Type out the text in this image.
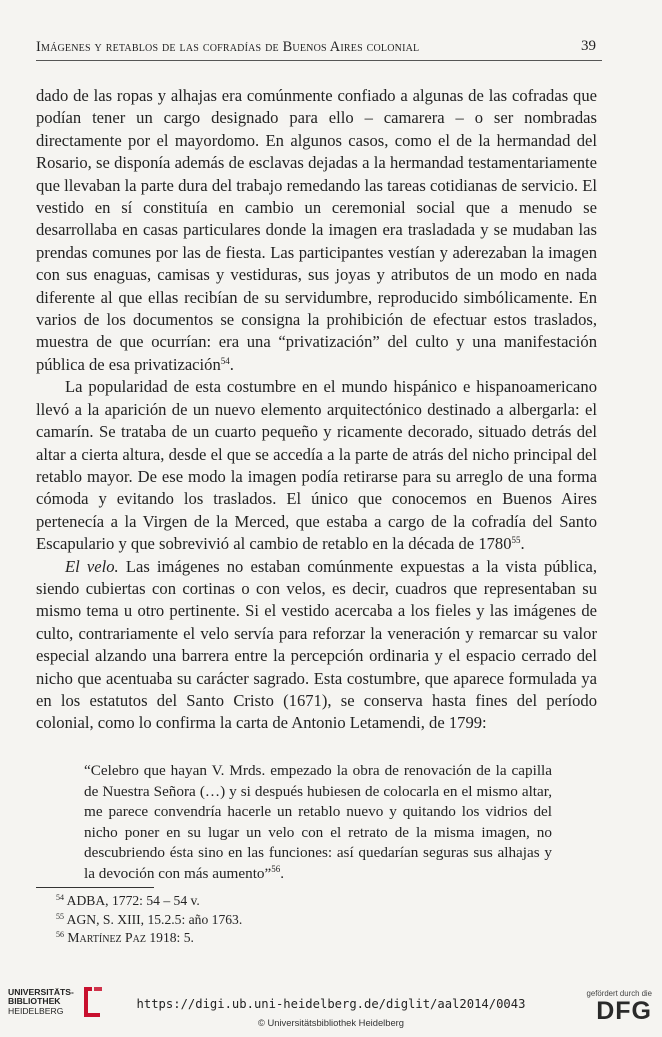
Imágenes y retablos de las cofradías de Buenos Aires colonial	39

dado de las ropas y alhajas era comúnmente confiado a algunas de las cofradas que podían tener un cargo designado para ello – camarera – o ser nombradas directamente por el mayordomo. En algunos casos, como el de la hermandad del Rosario, se disponía además de esclavas dejadas a la hermandad testamentariamente que llevaban la parte dura del trabajo remedando las tareas cotidianas de servicio. El vestido en sí constituía en cambio un ceremonial social que a menudo se desarrollaba en casas particulares donde la imagen era trasladada y se mudaban las prendas comunes por las de fiesta. Las participantes vestían y aderezaban la imagen con sus enaguas, camisas y vestiduras, sus joyas y atributos de un modo en nada diferente al que ellas recibían de su servidumbre, reproducido simbólicamente. En varios de los documentos se consigna la prohibición de efectuar estos traslados, muestra de que ocurrían: era una “privatización” del culto y una manifestación pública de esa privatización$^{54}$.

La popularidad de esta costumbre en el mundo hispánico e hispanoamericano llevó a la aparición de un nuevo elemento arquitectónico destinado a albergarla: el camarín. Se trataba de un cuarto pequeño y ricamente decorado, situado detrás del altar a cierta altura, desde el que se accedía a la parte de atrás del nicho principal del retablo mayor. De ese modo la imagen podía retirarse para su arreglo de una forma cómoda y evitando los traslados. El único que conocemos en Buenos Aires pertenecía a la Virgen de la Merced, que estaba a cargo de la cofradía del Santo Escapulario y que sobrevivió al cambio de retablo en la década de 1780$^{55}$.

El velo. Las imágenes no estaban comúnmente expuestas a la vista pública, siendo cubiertas con cortinas o con velos, es decir, cuadros que representaban su mismo tema u otro pertinente. Si el vestido acercaba a los fieles y las imágenes de culto, contrariamente el velo servía para reforzar la veneración y remarcar su valor especial alzando una barrera entre la percepción ordinaria y el espacio cerrado del nicho que acentuaba su carácter sagrado. Esta costumbre, que aparece formulada ya en los estatutos del Santo Cristo (1671), se conserva hasta fines del período colonial, como lo confirma la carta de Antonio Letamendi, de 1799:

“Celebro que hayan V. Mrds. empezado la obra de renovación de la capilla de Nuestra Señora (…) y si después hubiesen de colocarla en el mismo altar, me parece convendría hacerle un retablo nuevo y quitando los vidrios del nicho poner en su lugar un velo con el retrato de la misma imagen, no descubriendo ésta sino en las funciones: así quedarían seguras sus alhajas y la devoción con más aumento”$^{56}$.
$^{54}$ ADBA, 1772: 54 – 54 v.
$^{55}$ AGN, S. XIII, 15.2.5: año 1763.
$^{56}$ Martínez Paz 1918: 5.
UNIVERSITÄTS-
BIBLIOTHEK
HEIDELBERG	https://digi.ub.uni-heidelberg.de/diglit/aal2014/0043
© Universitätsbibliothek Heidelberg
gefördert durch die
DFG
